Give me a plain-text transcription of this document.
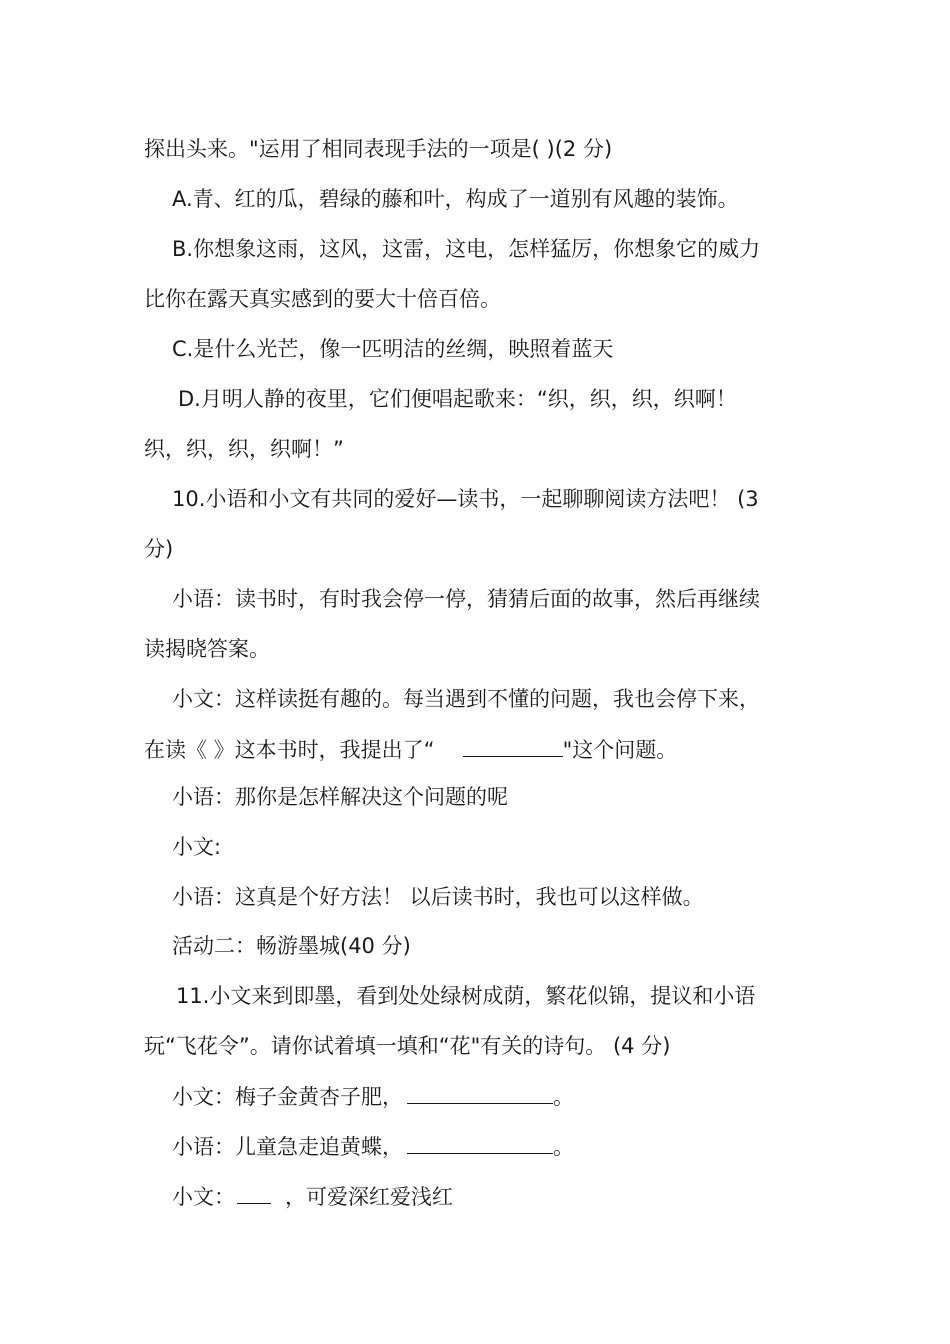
探出头来。"运用了相同表现手法的一项是( )(2 分)
A.青、红的瓜，碧绿的藤和叶，构成了一道别有风趣的装饰。
B.你想象这雨，这风，这雷，这电，怎样猛厉，你想象它的威力
比你在露天真实感到的要大十倍百倍。
C.是什么光芒，像一匹明洁的丝绸，映照着蓝天
D.月明人静的夜里，它们便唱起歌来：“织，织，织，织啊！
织，织，织，织啊！”
10.小语和小文有共同的爱好—读书，一起聊聊阅读方法吧！ (3
分)
小语：读书时，有时我会停一停，猜猜后面的故事，然后再继续
读揭晓答案。
小文：这样读挺有趣的。每当遇到不懂的问题，我也会停下来，
在读《 》这本书时，我提出了“	"这个问题。
小语：那你是怎样解决这个问题的呢
小文:
小语：这真是个好方法！ 以后读书时，我也可以这样做。
活动二：畅游墨城(40 分)
11.小文来到即墨，看到处处绿树成荫，繁花似锦，提议和小语
玩“飞花令”。请你试着填一填和“花"有关的诗句。 (4 分)
小文：梅子金黄杏子肥，	。
小语：儿童急走追黄蝶，	。
小文： ，可爱深红爱浅红
